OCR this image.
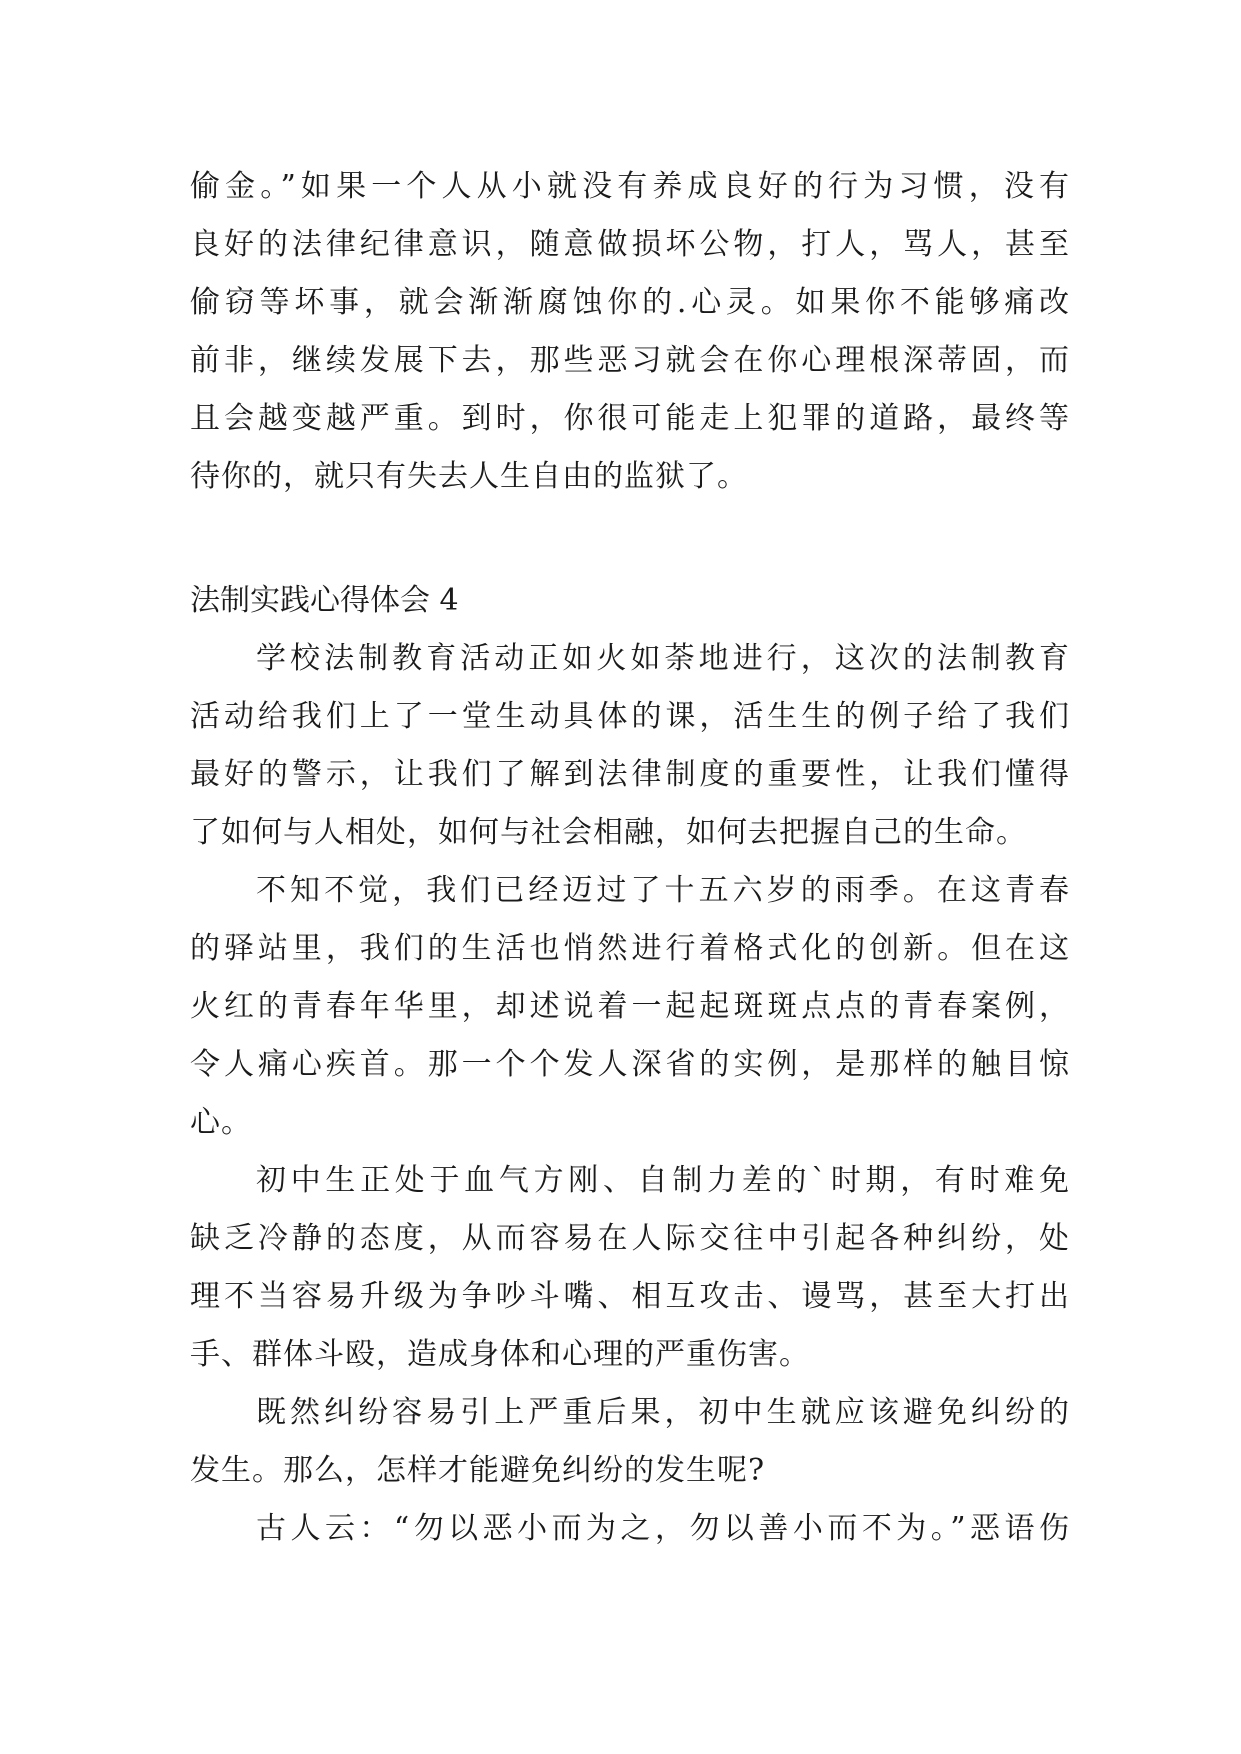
偷金。”如果一个人从小就没有养成良好的行为习惯，没有
良好的法律纪律意识，随意做损坏公物，打人，骂人，甚至
偷窃等坏事，就会渐渐腐蚀你的.心灵。如果你不能够痛改
前非，继续发展下去，那些恶习就会在你心理根深蒂固，而
且会越变越严重。到时，你很可能走上犯罪的道路，最终等
待你的，就只有失去人生自由的监狱了。
法制实践心得体会 4
学校法制教育活动正如火如荼地进行，这次的法制教育
活动给我们上了一堂生动具体的课，活生生的例子给了我们
最好的警示，让我们了解到法律制度的重要性，让我们懂得
了如何与人相处，如何与社会相融，如何去把握自己的生命。
不知不觉，我们已经迈过了十五六岁的雨季。在这青春
的驿站里，我们的生活也悄然进行着格式化的创新。但在这
火红的青春年华里，却述说着一起起斑斑点点的青春案例，
令人痛心疾首。那一个个发人深省的实例，是那样的触目惊
心。
初中生正处于血气方刚、自制力差的`时期，有时难免
缺乏冷静的态度，从而容易在人际交往中引起各种纠纷，处
理不当容易升级为争吵斗嘴、相互攻击、谩骂，甚至大打出
手、群体斗殴，造成身体和心理的严重伤害。
既然纠纷容易引上严重后果，初中生就应该避免纠纷的
发生。那么，怎样才能避免纠纷的发生呢?
古人云：“勿以恶小而为之，勿以善小而不为。”恶语伤
